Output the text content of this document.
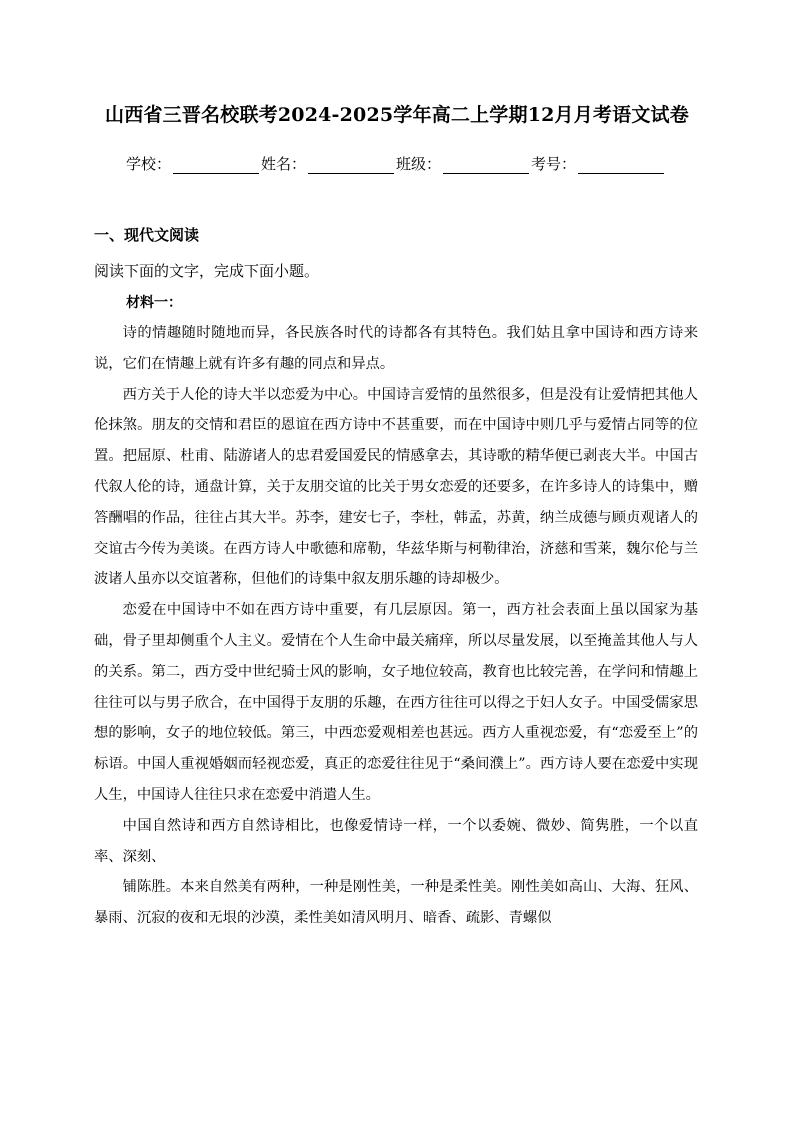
山西省三晋名校联考2024-2025学年高二上学期12月月考语文试卷
学校：	姓名：	班级：	考号：
一、现代文阅读
阅读下面的文字，完成下面小题。
材料一：

诗的情趣随时随地而异，各民族各时代的诗都各有其特色。我们姑且拿中国诗和西方诗来说，它们在情趣上就有许多有趣的同点和异点。

西方关于人伦的诗大半以恋爱为中心。中国诗言爱情的虽然很多，但是没有让爱情把其他人伦抹煞。朋友的交情和君臣的恩谊在西方诗中不甚重要，而在中国诗中则几乎与爱情占同等的位置。把屈原、杜甫、陆游诸人的忠君爱国爱民的情感拿去，其诗歌的精华便已剥丧大半。中国古代叙人伦的诗，通盘计算，关于友朋交谊的比关于男女恋爱的还要多，在许多诗人的诗集中，赠答酬唱的作品，往往占其大半。苏李，建安七子，李杜，韩孟，苏黄，纳兰成德与顾贞观诸人的交谊古今传为美谈。在西方诗人中歌德和席勒，华兹华斯与柯勒律治，济慈和雪莱，魏尔伦与兰波诸人虽亦以交谊著称，但他们的诗集中叙友朋乐趣的诗却极少。

恋爱在中国诗中不如在西方诗中重要，有几层原因。第一，西方社会表面上虽以国家为基础，骨子里却侧重个人主义。爱情在个人生命中最关痛痒，所以尽量发展，以至掩盖其他人与人的关系。第二，西方受中世纪骑士风的影响，女子地位较高，教育也比较完善，在学问和情趣上往往可以与男子欣合，在中国得于友朋的乐趣，在西方往往可以得之于妇人女子。中国受儒家思想的影响，女子的地位较低。第三，中西恋爱观相差也甚远。西方人重视恋爱，有“恋爱至上”的标语。中国人重视婚姻而轻视恋爱，真正的恋爱往往见于“桑间濮上”。西方诗人要在恋爱中实现人生，中国诗人往往只求在恋爱中消遣人生。

中国自然诗和西方自然诗相比，也像爱情诗一样，一个以委婉、微妙、简隽胜，一个以直率、深刻、

铺陈胜。本来自然美有两种，一种是刚性美，一种是柔性美。刚性美如高山、大海、狂风、暴雨、沉寂的夜和无垠的沙漠，柔性美如清风明月、暗香、疏影、青螺似
